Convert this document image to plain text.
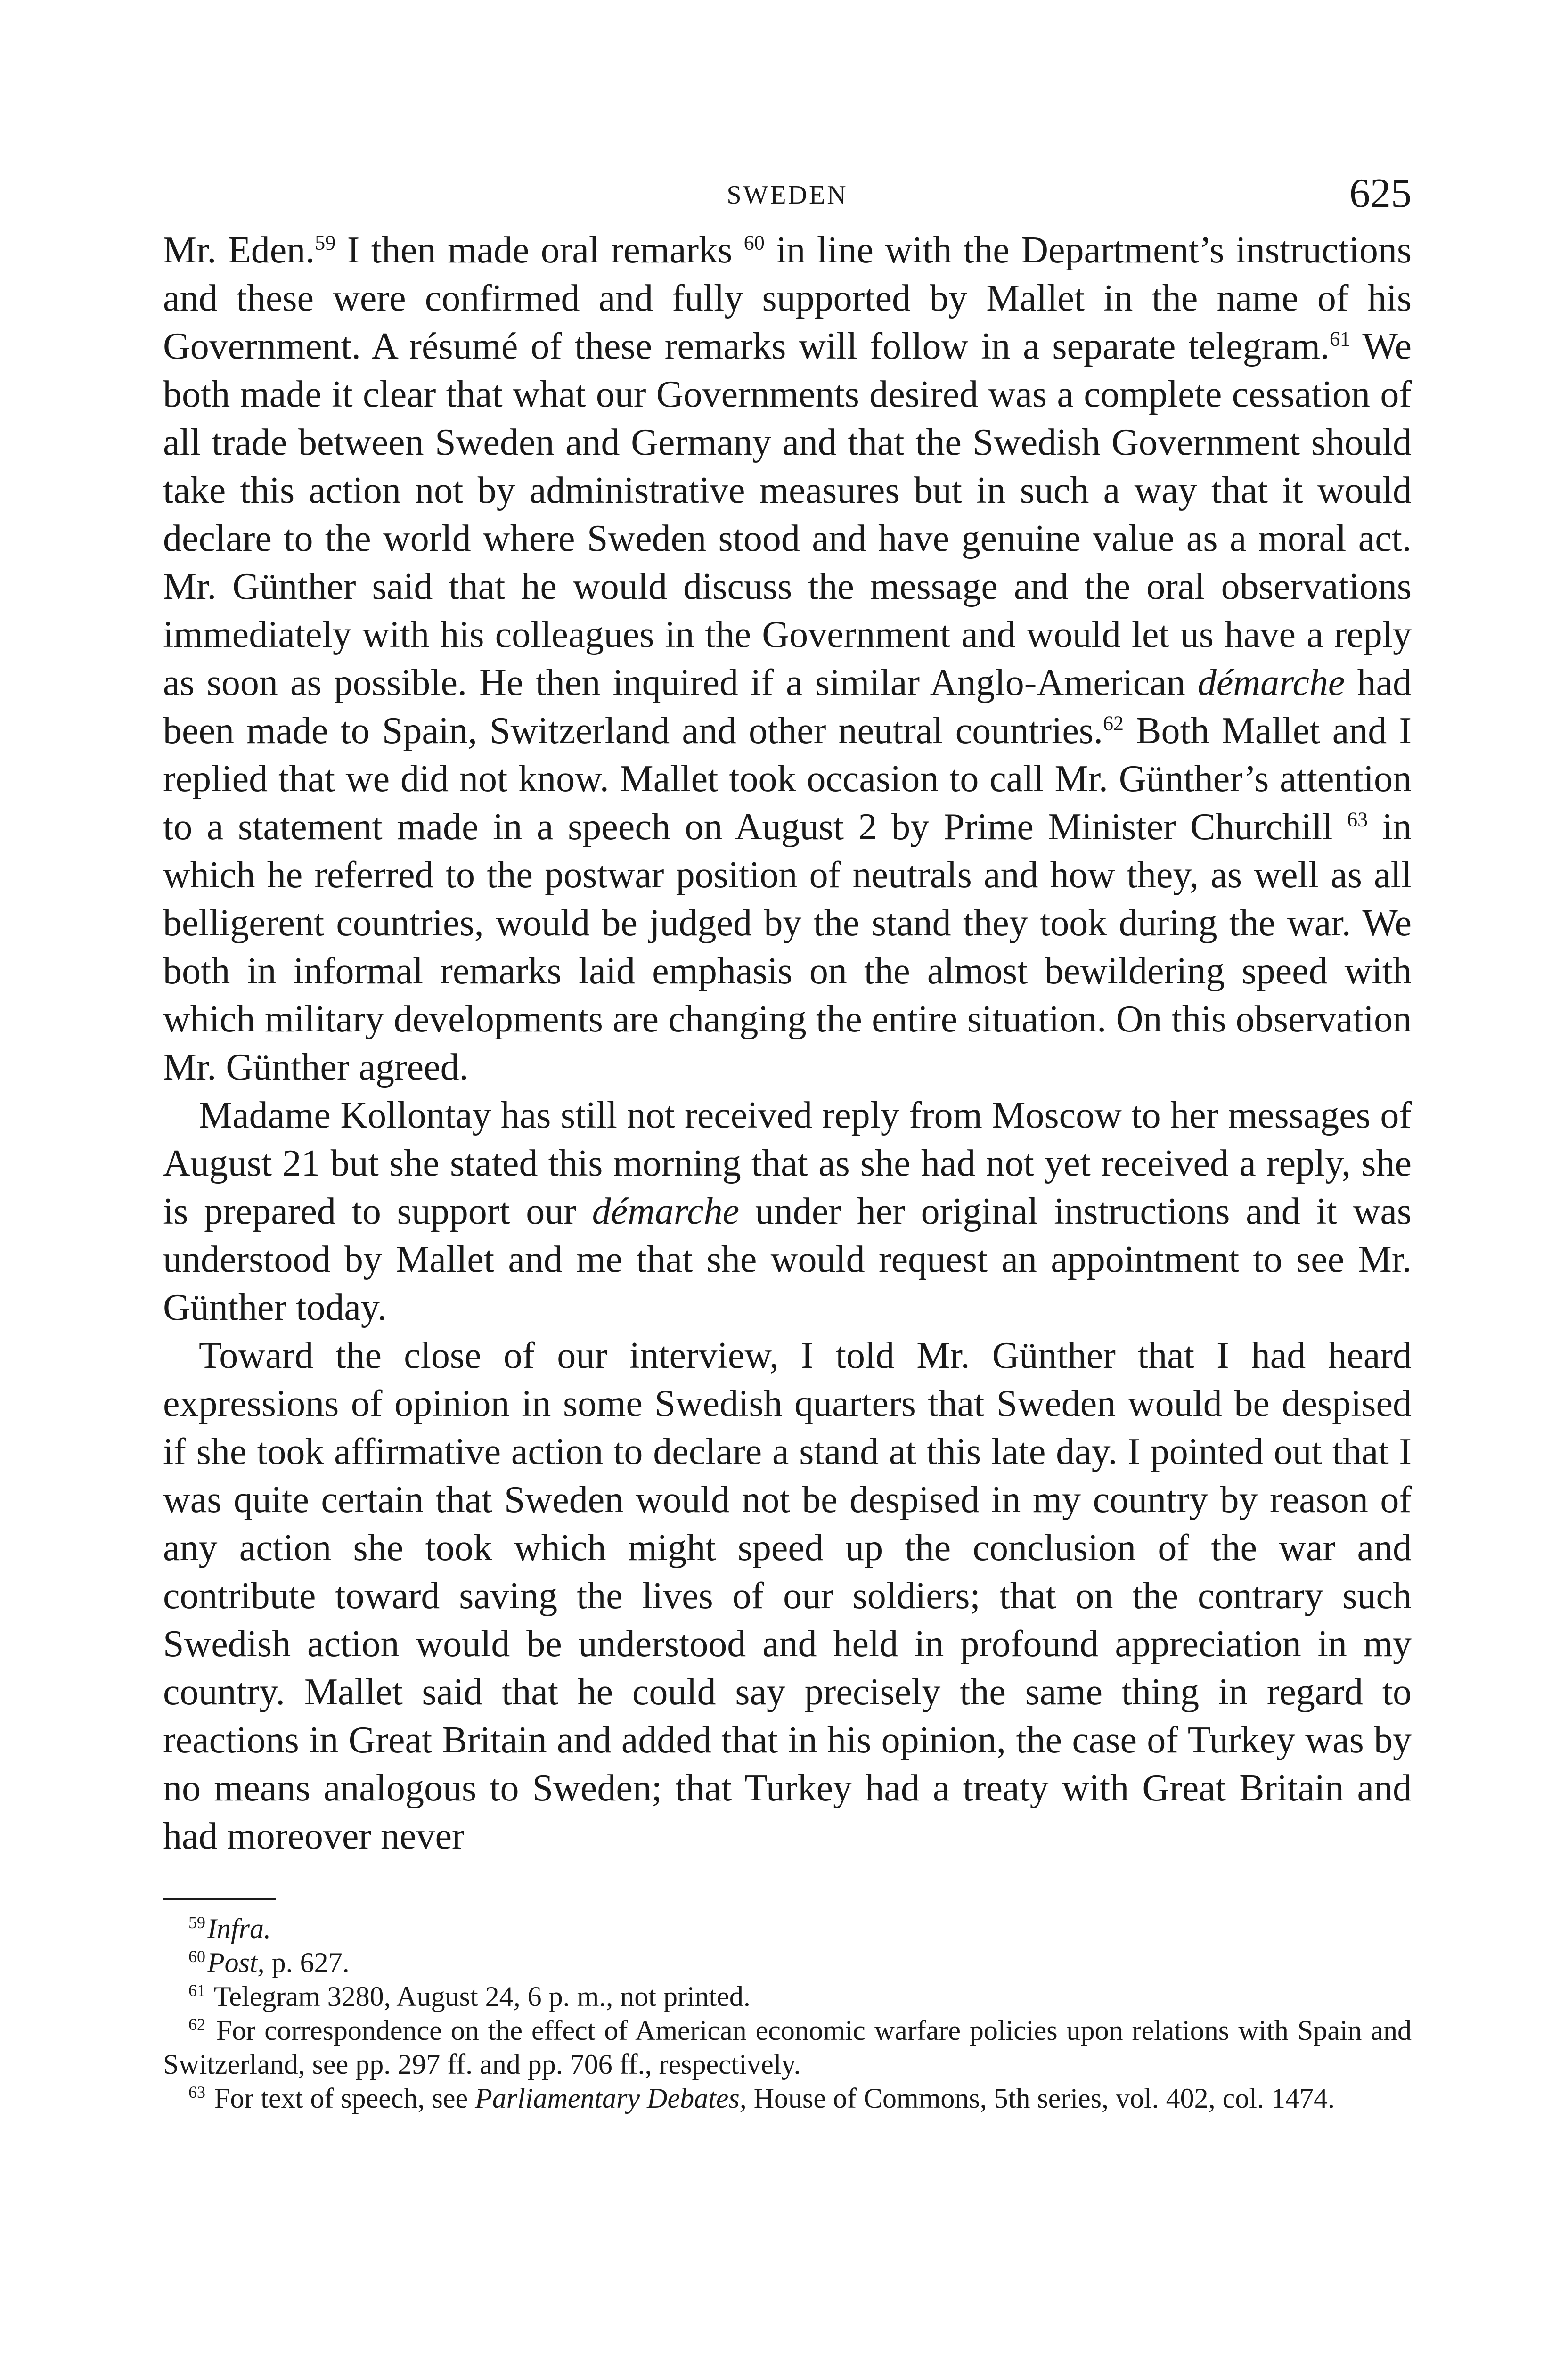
SWEDEN	625

Mr. Eden.$^{59}$ I then made oral remarks $^{60}$ in line with the Department’s instructions and these were confirmed and fully supported by Mallet in the name of his Government. A résumé of these remarks will follow in a separate telegram.$^{61}$ We both made it clear that what our Governments desired was a complete cessation of all trade between Sweden and Germany and that the Swedish Government should take this action not by administrative measures but in such a way that it would declare to the world where Sweden stood and have genuine value as a moral act. Mr. Günther said that he would discuss the message and the oral observations immediately with his colleagues in the Government and would let us have a reply as soon as possible. He then inquired if a similar Anglo-American démarche had been made to Spain, Switzerland and other neutral countries.$^{62}$ Both Mallet and I replied that we did not know. Mallet took occasion to call Mr. Günther’s attention to a statement made in a speech on August 2 by Prime Minister Churchill $^{63}$ in which he referred to the postwar position of neutrals and how they, as well as all belligerent countries, would be judged by the stand they took during the war. We both in informal remarks laid emphasis on the almost bewildering speed with which military developments are changing the entire situation. On this observation Mr. Günther agreed.

Madame Kollontay has still not received reply from Moscow to her messages of August 21 but she stated this morning that as she had not yet received a reply, she is prepared to support our démarche under her original instructions and it was understood by Mallet and me that she would request an appointment to see Mr. Günther today.

Toward the close of our interview, I told Mr. Günther that I had heard expressions of opinion in some Swedish quarters that Sweden would be despised if she took affirmative action to declare a stand at this late day. I pointed out that I was quite certain that Sweden would not be despised in my country by reason of any action she took which might speed up the conclusion of the war and contribute toward saving the lives of our soldiers; that on the contrary such Swedish action would be understood and held in profound appreciation in my country. Mallet said that he could say precisely the same thing in regard to reactions in Great Britain and added that in his opinion, the case of Turkey was by no means analogous to Sweden; that Turkey had a treaty with Great Britain and had moreover never

$^{59}$Infra.

$^{60}$Post, p. 627.

$^{61}$ Telegram 3280, August 24, 6 p. m., not printed.

$^{62}$ For correspondence on the effect of American economic warfare policies upon relations with Spain and Switzerland, see pp. 297 ff. and pp. 706 ff., respectively.

$^{63}$ For text of speech, see Parliamentary Debates, House of Commons, 5th series, vol. 402, col. 1474.
